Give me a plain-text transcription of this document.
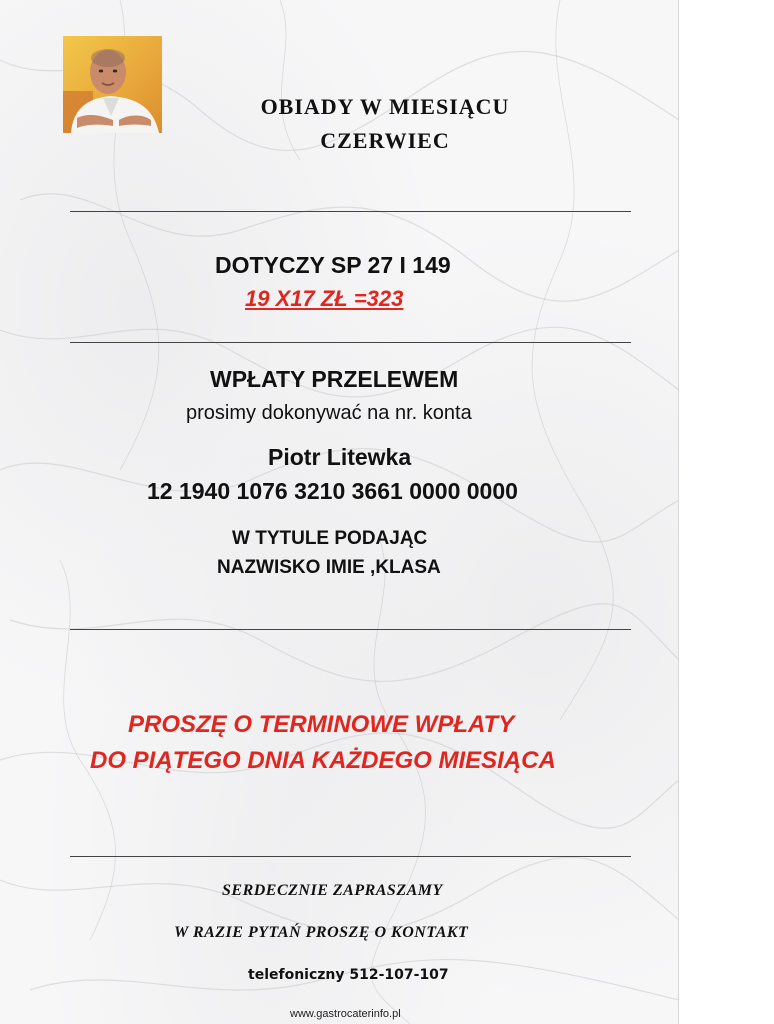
OBIADY W MIESIĄCU
CZERWIEC
DOTYCZY SP 27 I 149
19 X17 ZŁ =323
WPŁATY PRZELEWEM
prosimy dokonywać na nr. konta
Piotr Litewka
12 1940 1076 3210 3661 0000 0000
W TYTULE PODAJĄC
NAZWISKO IMIE ,KLASA
PROSZĘ O TERMINOWE WPŁATY
DO PIĄTEGO DNIA KAŻDEGO MIESIĄCA
SERDECZNIE ZAPRASZAMY
W RAZIE PYTAŃ PROSZĘ O KONTAKT
telefoniczny 512-107-107
www.gastrocaterinfo.pl
